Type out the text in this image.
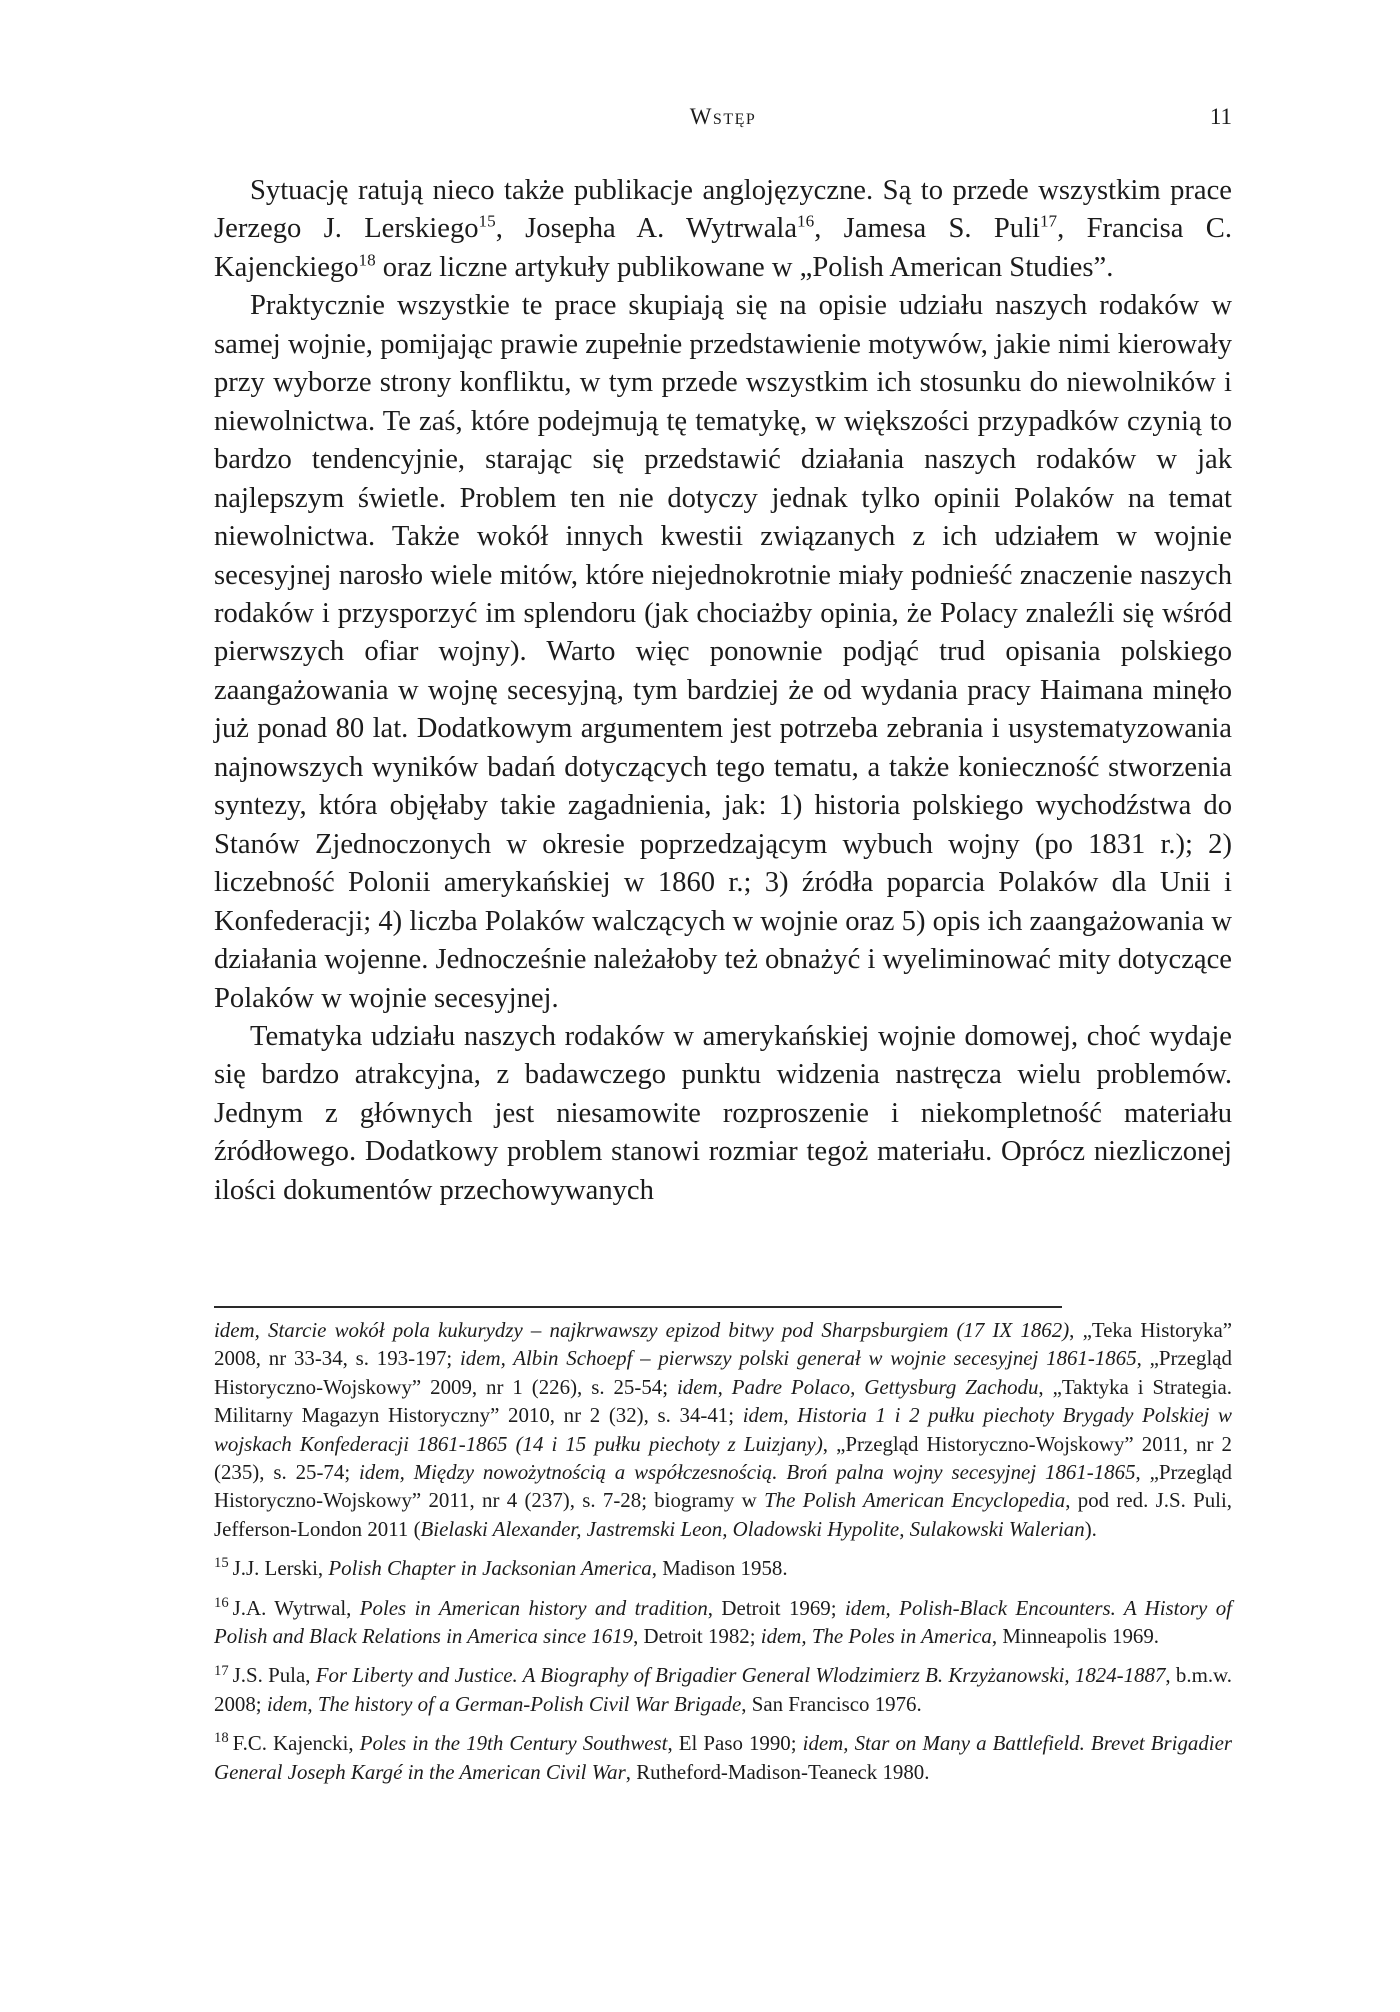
Wstęp	11

Sytuację ratują nieco także publikacje anglojęzyczne. Są to przede wszystkim prace Jerzego J. Lerskiego$^{15}$, Josepha A. Wytrwala$^{16}$, Jamesa S. Puli$^{17}$, Francisa C. Kajenckiego$^{18}$ oraz liczne artykuły publikowane w „Polish American Studies”.

Praktycznie wszystkie te prace skupiają się na opisie udziału naszych rodaków w samej wojnie, pomijając prawie zupełnie przedstawienie motywów, jakie nimi kierowały przy wyborze strony konfliktu, w tym przede wszystkim ich stosunku do niewolników i niewolnictwa. Te zaś, które podejmują tę tematykę, w większości przypadków czynią to bardzo tendencyjnie, starając się przedstawić działania naszych rodaków w jak najlepszym świetle. Problem ten nie dotyczy jednak tylko opinii Polaków na temat niewolnictwa. Także wokół innych kwestii związanych z ich udziałem w wojnie secesyjnej narosło wiele mitów, które niejednokrotnie miały podnieść znaczenie naszych rodaków i przysporzyć im splendoru (jak chociażby opinia, że Polacy znaleźli się wśród pierwszych ofiar wojny). Warto więc ponownie podjąć trud opisania polskiego zaangażowania w wojnę secesyjną, tym bardziej że od wydania pracy Haimana minęło już ponad 80 lat. Dodatkowym argumentem jest potrzeba zebrania i usystematyzowania najnowszych wyników badań dotyczących tego tematu, a także konieczność stworzenia syntezy, która objęłaby takie zagadnienia, jak: 1) historia polskiego wychodźstwa do Stanów Zjednoczonych w okresie poprzedzającym wybuch wojny (po 1831 r.); 2) liczebność Polonii amerykańskiej w 1860 r.; 3) źródła poparcia Polaków dla Unii i Konfederacji; 4) liczba Polaków walczących w wojnie oraz 5) opis ich zaangażowania w działania wojenne. Jednocześnie należałoby też obnażyć i wyeliminować mity dotyczące Polaków w wojnie secesyjnej.

Tematyka udziału naszych rodaków w amerykańskiej wojnie domowej, choć wydaje się bardzo atrakcyjna, z badawczego punktu widzenia nastręcza wielu problemów. Jednym z głównych jest niesamowite rozproszenie i niekompletność materiału źródłowego. Dodatkowy problem stanowi rozmiar tegoż materiału. Oprócz niezliczonej ilości dokumentów przechowywanych

idem, Starcie wokół pola kukurydzy – najkrwawszy epizod bitwy pod Sharpsburgiem (17 IX 1862), „Teka Historyka” 2008, nr 33-34, s. 193-197; idem, Albin Schoepf – pierwszy polski generał w wojnie secesyjnej 1861-1865, „Przegląd Historyczno-Wojskowy” 2009, nr 1 (226), s. 25-54; idem, Padre Polaco, Gettysburg Zachodu, „Taktyka i Strategia. Militarny Magazyn Historyczny” 2010, nr 2 (32), s. 34-41; idem, Historia 1 i 2 pułku piechoty Brygady Polskiej w wojskach Konfederacji 1861-1865 (14 i 15 pułku piechoty z Luizjany), „Przegląd Historyczno-Wojskowy” 2011, nr 2 (235), s. 25-74; idem, Między nowożytnością a współczesnością. Broń palna wojny secesyjnej 1861-1865, „Przegląd Historyczno-Wojskowy” 2011, nr 4 (237), s. 7-28; biogramy w The Polish American Encyclopedia, pod red. J.S. Puli, Jefferson-London 2011 (Bielaski Alexander, Jastremski Leon, Oladowski Hypolite, Sulakowski Walerian).

$^{15}$ J.J. Lerski, Polish Chapter in Jacksonian America, Madison 1958.

$^{16}$ J.A. Wytrwal, Poles in American history and tradition, Detroit 1969; idem, Polish-Black Encounters. A History of Polish and Black Relations in America since 1619, Detroit 1982; idem, The Poles in America, Minneapolis 1969.

$^{17}$ J.S. Pula, For Liberty and Justice. A Biography of Brigadier General Wlodzimierz B. Krzyżanowski, 1824-1887, b.m.w. 2008; idem, The history of a German-Polish Civil War Brigade, San Francisco 1976.

$^{18}$ F.C. Kajencki, Poles in the 19th Century Southwest, El Paso 1990; idem, Star on Many a Battlefield. Brevet Brigadier General Joseph Kargé in the American Civil War, Rutheford-Madison-Teaneck 1980.
